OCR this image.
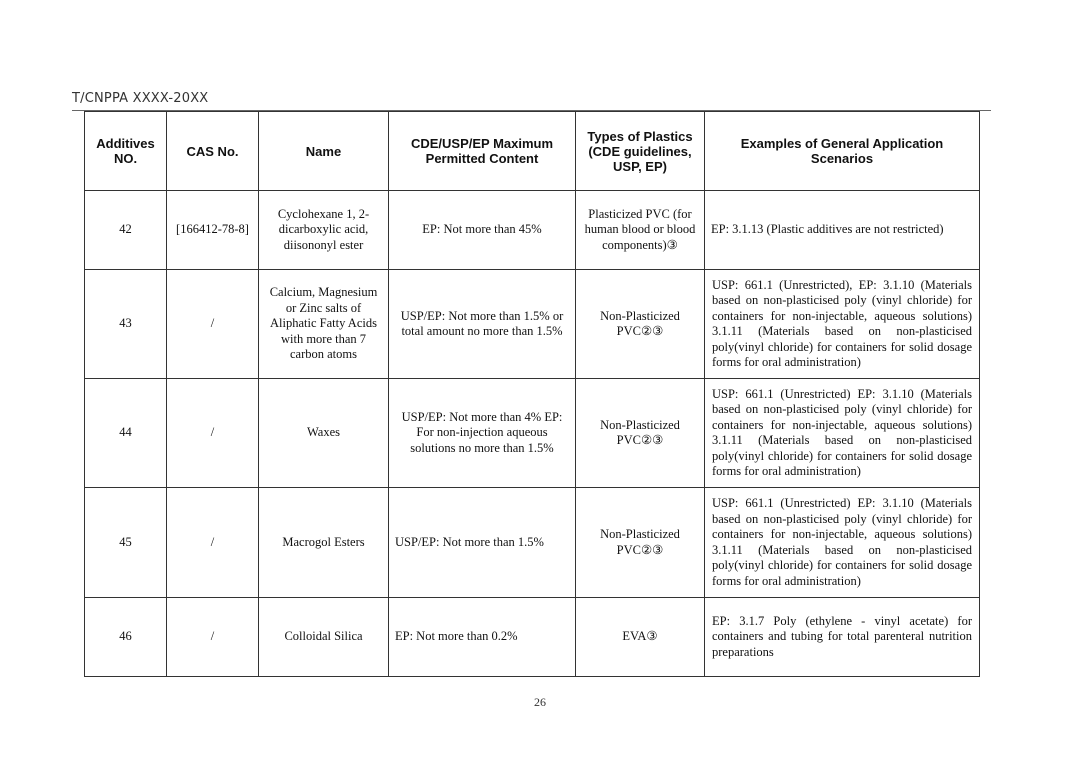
T/CNPPA XXXX-20XX
Additives NO.	CAS No.	Name	CDE/USP/EP Maximum Permitted Content	Types of Plastics (CDE guidelines, USP, EP)	Examples of General Application Scenarios
42	[166412-78-8]	Cyclohexane 1, 2-dicarboxylic acid, diisononyl ester	EP: Not more than 45%	Plasticized PVC (for human blood or blood components)③	EP: 3.1.13 (Plastic additives are not restricted)
43	/	Calcium, Magnesium or Zinc salts of Aliphatic Fatty Acids with more than 7 carbon atoms	USP/EP: Not more than 1.5% or total amount no more than 1.5%	Non-Plasticized PVC②③	USP: 661.1 (Unrestricted), EP: 3.1.10 (Materials based on non-plasticised poly (vinyl chloride) for containers for non-injectable, aqueous solutions) 3.1.11 (Materials based on non-plasticised poly(vinyl chloride) for containers for solid dosage forms for oral administration)
44	/	Waxes	USP/EP: Not more than 4% EP: For non-injection aqueous solutions no more than 1.5%	Non-Plasticized PVC②③	USP: 661.1 (Unrestricted) EP: 3.1.10 (Materials based on non-plasticised poly (vinyl chloride) for containers for non-injectable, aqueous solutions) 3.1.11 (Materials based on non-plasticised poly(vinyl chloride) for containers for solid dosage forms for oral administration)
45	/	Macrogol Esters	USP/EP: Not more than 1.5%	Non-Plasticized PVC②③	USP: 661.1 (Unrestricted) EP: 3.1.10 (Materials based on non-plasticised poly (vinyl chloride) for containers for non-injectable, aqueous solutions) 3.1.11 (Materials based on non-plasticised poly(vinyl chloride) for containers for solid dosage forms for oral administration)
46	/	Colloidal Silica	EP: Not more than 0.2%	EVA③	EP: 3.1.7 Poly (ethylene - vinyl acetate) for containers and tubing for total parenteral nutrition preparations
26
